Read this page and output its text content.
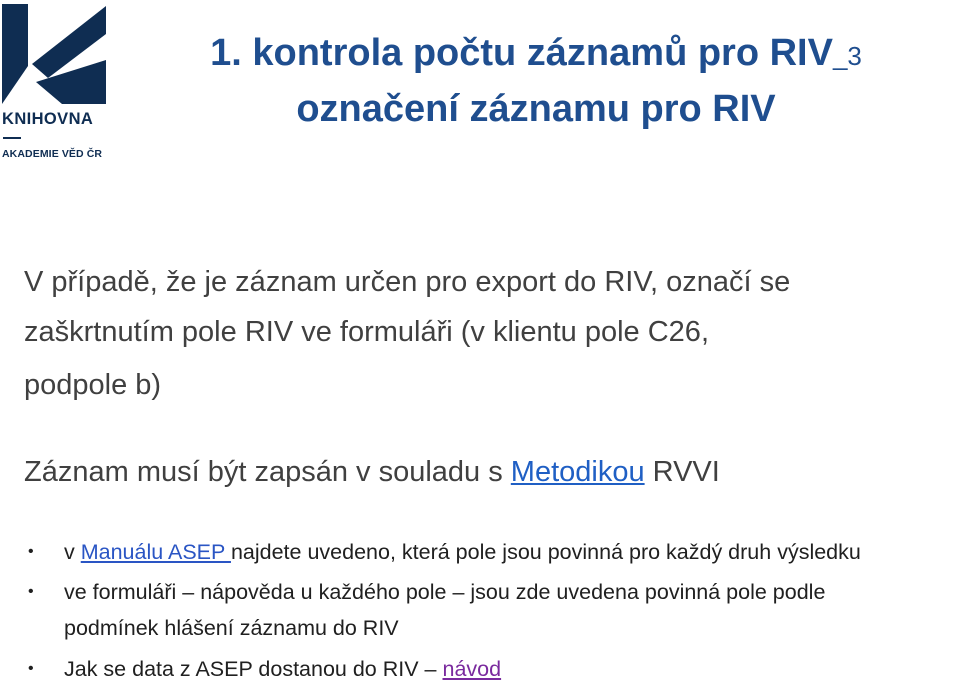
KNIHOVNA
AKADEMIE VĚD ČR
1. kontrola počtu záznamů pro RIV_3
označení záznamu pro RIV
V případě, že je záznam určen pro export do RIV, označí se
zaškrtnutím pole RIV ve formuláři (v klientu pole C26,
podpole b)
Záznam musí být zapsán v souladu s Metodikou RVVI
• v Manuálu ASEP najdete uvedeno, která pole jsou povinná pro každý druh výsledku
• ve formuláři – nápověda u každého pole – jsou zde uvedena povinná pole podle
podmínek hlášení záznamu do RIV
• Jak se data z ASEP dostanou do RIV – návod
